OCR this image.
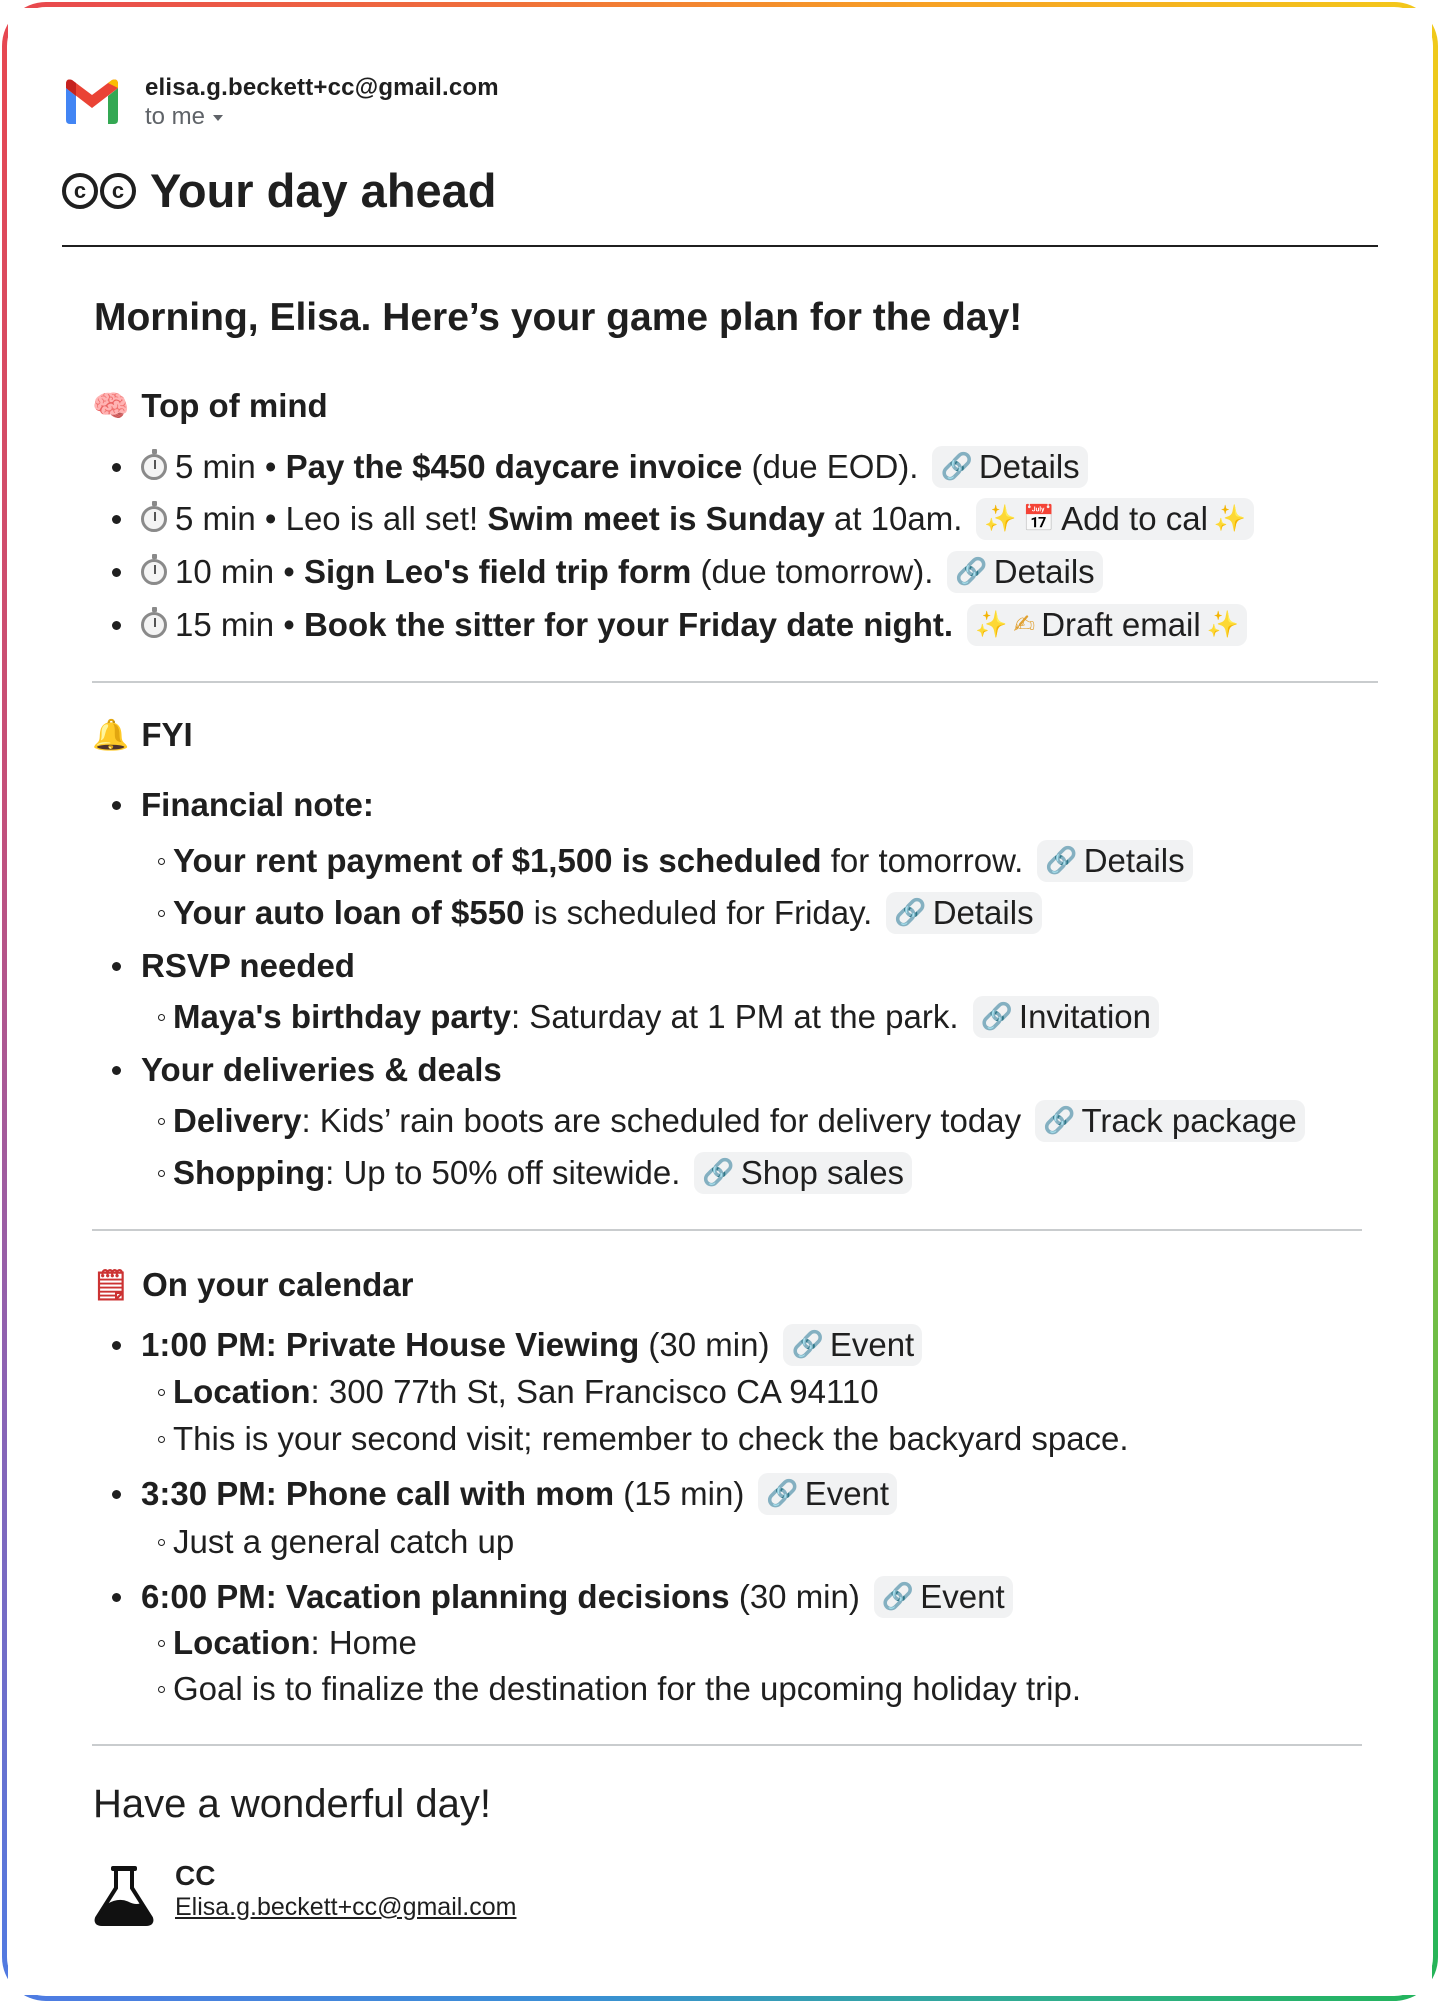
elisa.g.beckett+cc@gmail.com
to me
c	c Your day ahead
Morning, Elisa. Here’s your game plan for the day!
🧠 Top of mind
5 min • Pay the $450 daycare invoice (due EOD). 🔗 Details
5 min • Leo is all set! Swim meet is Sunday at 10am. ✨ 📅 Add to cal ✨
10 min • Sign Leo's field trip form (due tomorrow). 🔗 Details
15 min • Book the sitter for your Friday date night. ✨ ✍ Draft email ✨
🔔 FYI
Financial note:
Your rent payment of $1,500 is scheduled for tomorrow. 🔗 Details
Your auto loan of $550 is scheduled for Friday. 🔗 Details
RSVP needed
Maya's birthday party : Saturday at 1 PM at the park. 🔗 Invitation
Your deliveries & deals
Delivery : Kids’ rain boots are scheduled for delivery today 🔗 Track package
Shopping : Up to 50% off sitewide. 🔗 Shop sales
🗒 On your calendar
1:00 PM : Private House Viewing (30 min) 🔗 Event
Location : 300 77th St, San Francisco CA 94110
This is your second visit; remember to check the backyard space.
3:30 PM : Phone call with mom (15 min) 🔗 Event
Just a general catch up
6:00 PM : Vacation planning decisions (30 min) 🔗 Event
Location : Home
Goal is to finalize the destination for the upcoming holiday trip.
Have a wonderful day!
CC
Elisa.g.beckett+cc@gmail.com
